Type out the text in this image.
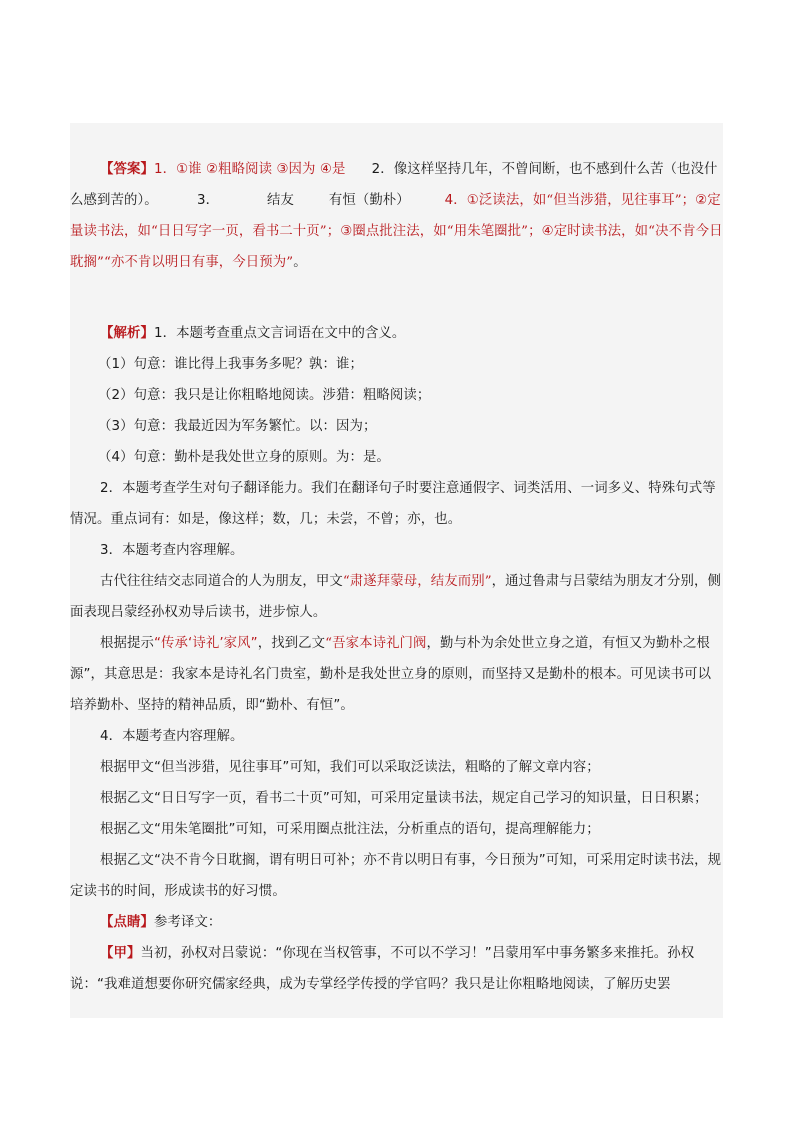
【答案】1．①谁 ②粗略阅读 ③因为 ④是 2．像这样坚持几年，不曾间断，也不感到什么苦（也没什么感到苦的）。	3．	结友	有恒（勤朴）	4．①泛读法，如“但当涉猎，见往事耳”；②定量读书法，如“日日写字一页，看书二十页”；③圈点批注法，如“用朱笔圈批”；④定时读书法，如“决不肯今日耽搁”“亦不肯以明日有事，今日预为”。

【解析】1．本题考查重点文言词语在文中的含义。

（1）句意：谁比得上我事务多呢？孰：谁；

（2）句意：我只是让你粗略地阅读。涉猎：粗略阅读；

（3）句意：我最近因为军务繁忙。以：因为；

（4）句意：勤朴是我处世立身的原则。为：是。

2．本题考查学生对句子翻译能力。我们在翻译句子时要注意通假字、词类活用、一词多义、特殊句式等情况。重点词有：如是，像这样；数，几；未尝，不曾；亦，也。

3．本题考查内容理解。

古代往往结交志同道合的人为朋友，甲文“肃遂拜蒙母，结友而别”，通过鲁肃与吕蒙结为朋友才分别，侧面表现吕蒙经孙权劝导后读书，进步惊人。

根据提示“传承‘诗礼’家风”，找到乙文“吾家本诗礼门阀，勤与朴为余处世立身之道，有恒又为勤朴之根源”，其意思是：我家本是诗礼名门贵室，勤朴是我处世立身的原则，而坚持又是勤朴的根本。可见读书可以培养勤朴、坚持的精神品质，即“勤朴、有恒”。

4．本题考查内容理解。

根据甲文“但当涉猎，见往事耳”可知，我们可以采取泛读法，粗略的了解文章内容；

根据乙文“日日写字一页，看书二十页”可知，可采用定量读书法，规定自己学习的知识量，日日积累；

根据乙文“用朱笔圈批”可知，可采用圈点批注法，分析重点的语句，提高理解能力；

根据乙文“决不肯今日耽搁，谓有明日可补；亦不肯以明日有事，今日预为”可知，可采用定时读书法，规定读书的时间，形成读书的好习惯。

【点睛】参考译文：

【甲】当初，孙权对吕蒙说：“你现在当权管事，不可以不学习！”吕蒙用军中事务繁多来推托。孙权说：“我难道想要你研究儒家经典，成为专掌经学传授的学官吗？我只是让你粗略地阅读，了解历史罢
